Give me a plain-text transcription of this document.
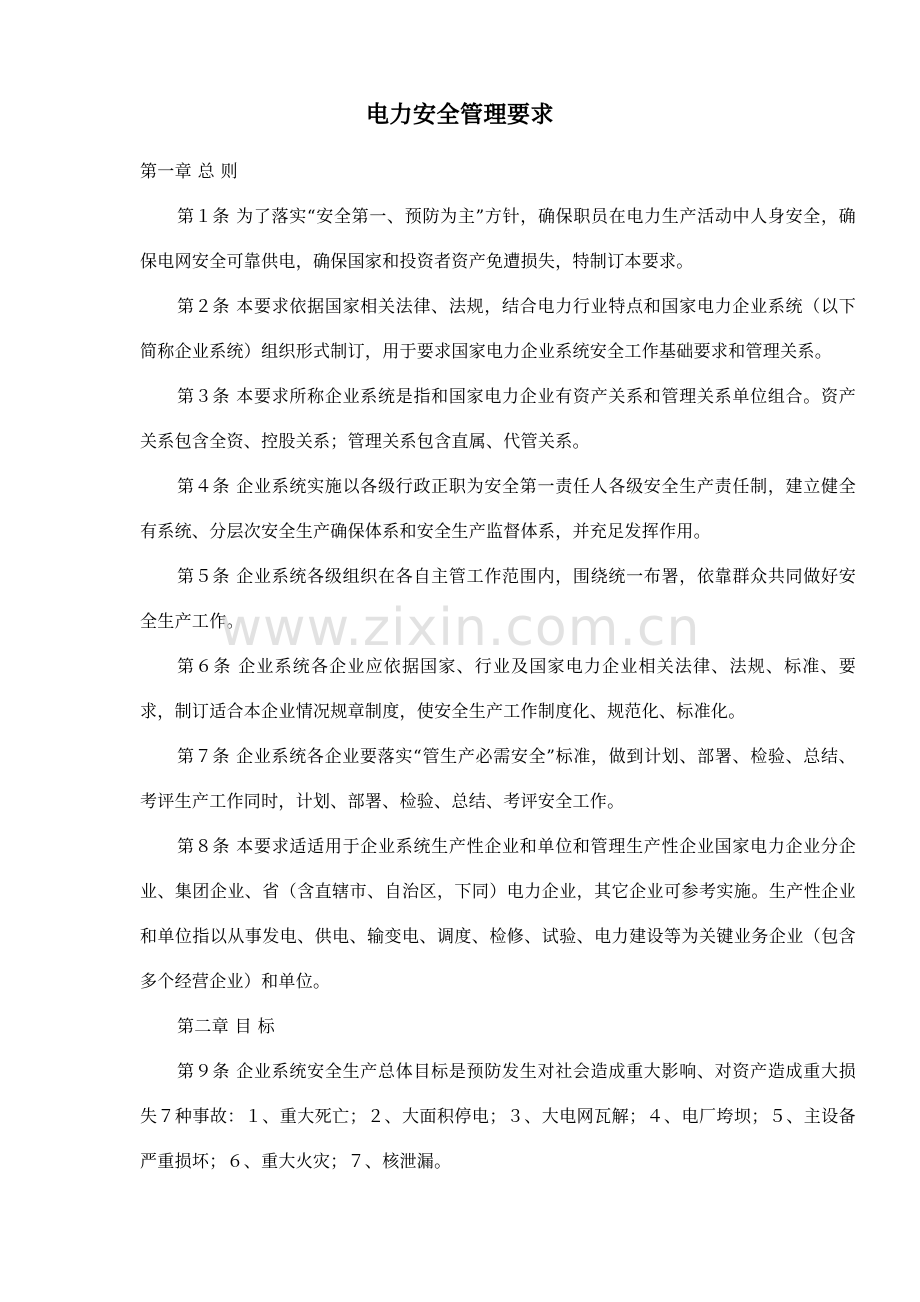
电力安全管理要求

第一章 总 则

第１条 为了落实“安全第一、预防为主”方针，确保职员在电力生产活动中人身安全，确保电网安全可靠供电，确保国家和投资者资产免遭损失，特制订本要求。

第２条 本要求依据国家相关法律、法规，结合电力行业特点和国家电力企业系统（以下简称企业系统）组织形式制订，用于要求国家电力企业系统安全工作基础要求和管理关系。

第３条 本要求所称企业系统是指和国家电力企业有资产关系和管理关系单位组合。资产关系包含全资、控股关系；管理关系包含直属、代管关系。

第４条 企业系统实施以各级行政正职为安全第一责任人各级安全生产责任制，建立健全有系统、分层次安全生产确保体系和安全生产监督体系，并充足发挥作用。

第５条 企业系统各级组织在各自主管工作范围内，围绕统一布署，依靠群众共同做好安全生产工作。

第６条 企业系统各企业应依据国家、行业及国家电力企业相关法律、法规、标准、要求，制订适合本企业情况规章制度，使安全生产工作制度化、规范化、标准化。

第７条 企业系统各企业要落实“管生产必需安全”标准，做到计划、部署、检验、总结、考评生产工作同时，计划、部署、检验、总结、考评安全工作。

第８条 本要求适适用于企业系统生产性企业和单位和管理生产性企业国家电力企业分企业、集团企业、省（含直辖市、自治区，下同）电力企业，其它企业可参考实施。生产性企业和单位指以从事发电、供电、输变电、调度、检修、试验、电力建设等为关键业务企业（包含多个经营企业）和单位。

第二章 目 标

第９条 企业系统安全生产总体目标是预防发生对社会造成重大影响、对资产造成重大损失７种事故：１、重大死亡；２、大面积停电；３、大电网瓦解；４、电厂垮坝；５、主设备严重损坏；６、重大火灾；７、核泄漏。

www.zixin.com.cn
